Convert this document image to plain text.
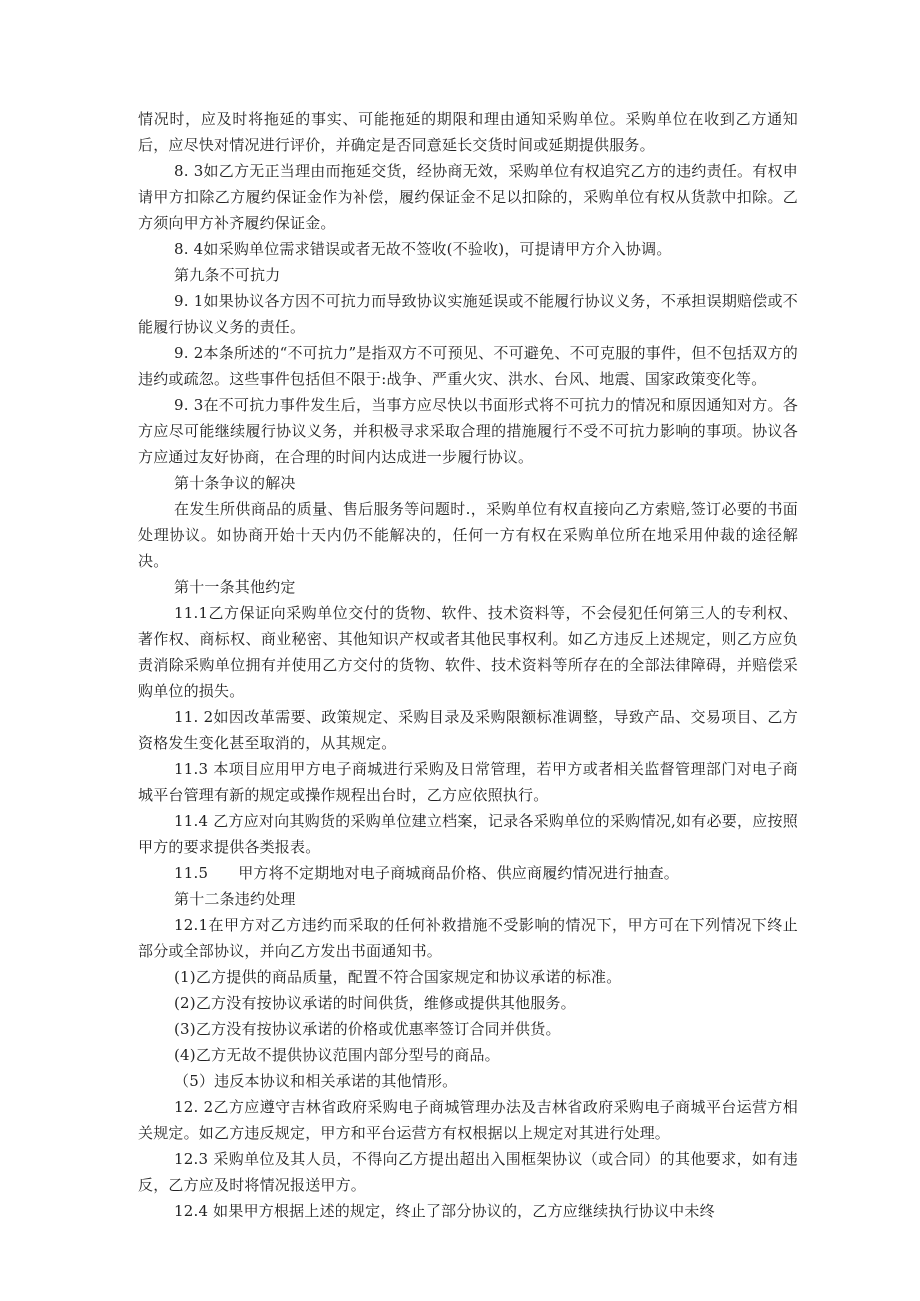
情况时，应及时将拖延的事实、可能拖延的期限和理由通知采购单位。采购单位在收到乙方通知后，应尽快对情况进行评价，并确定是否同意延长交货时间或延期提供服务。

8. 3如乙方无正当理由而拖延交货，经协商无效，采购单位有权追究乙方的违约责任。有权申请甲方扣除乙方履约保证金作为补偿，履约保证金不足以扣除的，采购单位有权从货款中扣除。乙方须向甲方补齐履约保证金。

8. 4如采购单位需求错误或者无故不签收(不验收)，可提请甲方介入协调。

第九条不可抗力

9. 1如果协议各方因不可抗力而导致协议实施延误或不能履行协议义务，不承担误期赔偿或不能履行协议义务的责任。

9. 2本条所述的“不可抗力”是指双方不可预见、不可避免、不可克服的事件，但不包括双方的违约或疏忽。这些事件包括但不限于:战争、严重火灾、洪水、台风、地震、国家政策变化等。

9. 3在不可抗力事件发生后，当事方应尽快以书面形式将不可抗力的情况和原因通知对方。各方应尽可能继续履行协议义务，并积极寻求采取合理的措施履行不受不可抗力影响的事项。协议各方应通过友好协商，在合理的时间内达成进一步履行协议。

第十条争议的解决

在发生所供商品的质量、售后服务等问题时.，采购单位有权直接向乙方索赔,签订必要的书面处理协议。如协商开始十天内仍不能解决的，任何一方有权在采购单位所在地采用仲裁的途径解决。

第十一条其他约定

11.1乙方保证向采购单位交付的货物、软件、技术资料等，不会侵犯任何第三人的专利权、著作权、商标权、商业秘密、其他知识产权或者其他民事权利。如乙方违反上述规定，则乙方应负责消除采购单位拥有并使用乙方交付的货物、软件、技术资料等所存在的全部法律障碍，并赔偿采购单位的损失。

11. 2如因改革需要、政策规定、采购目录及采购限额标准调整，导致产品、交易项目、乙方资格发生变化甚至取消的，从其规定。

11.3 本项目应用甲方电子商城进行采购及日常管理，若甲方或者相关监督管理部门对电子商城平台管理有新的规定或操作规程出台时，乙方应依照执行。

11.4 乙方应对向其购货的采购单位建立档案，记录各采购单位的采购情况,如有必要，应按照甲方的要求提供各类报表。

11.5 甲方将不定期地对电子商城商品价格、供应商履约情况进行抽查。

第十二条违约处理

12.1在甲方对乙方违约而采取的任何补救措施不受影响的情况下，甲方可在下列情况下终止部分或全部协议，并向乙方发出书面通知书。

(1)乙方提供的商品质量，配置不符合国家规定和协议承诺的标准。

(2)乙方没有按协议承诺的时间供货，维修或提供其他服务。

(3)乙方没有按协议承诺的价格或优惠率签订合同并供货。

(4)乙方无故不提供协议范围内部分型号的商品。

（5）违反本协议和相关承诺的其他情形。

12. 2乙方应遵守吉林省政府采购电子商城管理办法及吉林省政府采购电子商城平台运营方相关规定。如乙方违反规定，甲方和平台运营方有权根据以上规定对其进行处理。

12.3 采购单位及其人员，不得向乙方提出超出入围框架协议（或合同）的其他要求，如有违反，乙方应及时将情况报送甲方。

12.4 如果甲方根据上述的规定，终止了部分协议的，乙方应继续执行协议中未终
